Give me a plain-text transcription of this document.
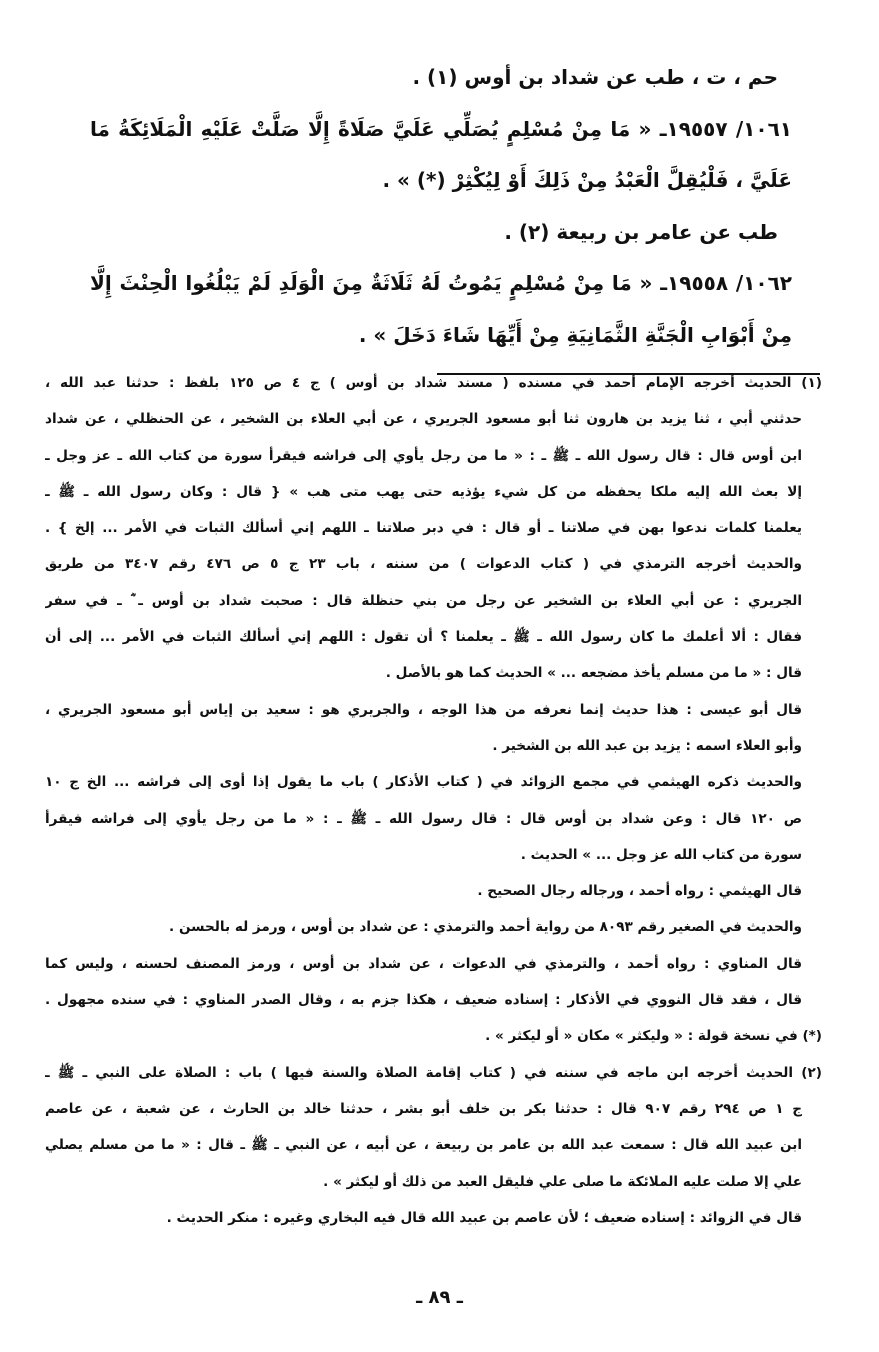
حم ، ت ، طب عن شداد بن أوس (١) .
١٠٦١/ ١٩٥٥٧ـ « مَا مِنْ مُسْلِمٍ يُصَلِّي عَلَيَّ صَلَاةً إِلَّا صَلَّتْ عَلَيْهِ الْمَلَائِكَةُ مَا
عَلَيَّ ، فَلْيُقِلَّ الْعَبْدُ مِنْ ذَلِكَ أَوْ لِيُكْثِرْ (*) » .
طب عن عامر بن ربيعة (٢) .
١٠٦٢/ ١٩٥٥٨ـ « مَا مِنْ مُسْلِمٍ يَمُوتُ لَهُ ثَلَاثَةٌ مِنَ الْوَلَدِ لَمْ يَبْلُغُوا الْحِنْثَ إِلَّا
مِنْ أَبْوَابِ الْجَنَّةِ الثَّمَانِيَةِ مِنْ أَيِّهَا شَاءَ دَخَلَ » .
(١) الحديث أخرجه الإمام أحمد في مسنده ( مسند شداد بن أوس ) ج ٤ ص ١٢٥ بلفظ : حدثنا عبد الله ،
حدثني أبي ، ثنا يزيد بن هارون ثنا أبو مسعود الجريري ، عن أبي العلاء بن الشخير ، عن الحنظلي ، عن شداد
ابن أوس قال : قال رسول الله ـ ﷺ ـ : « ما من رجل يأوي إلى فراشه فيقرأ سورة من كتاب الله ـ عز وجل ـ
إلا بعث الله إليه ملكا يحفظه من كل شيء يؤذيه حتى يهب متى هب » { قال : وكان رسول الله ـ ﷺ ـ
يعلمنا كلمات ندعوا بهن في صلاتنا ـ أو قال : في دبر صلاتنا ـ اللهم إني أسألك الثبات في الأمر ... إلخ } .
والحديث أخرجه الترمذي في ( كتاب الدعوات ) من سننه ، باب ٢٣ ج ٥ ص ٤٧٦ رقم ٣٤٠٧ من طريق
الجريري : عن أبي العلاء بن الشخير عن رجل من بني حنظلة قال : صحبت شداد بن أوس ـ ؓ ـ في سفر
فقال : ألا أعلمك ما كان رسول الله ـ ﷺ ـ يعلمنا ؟ أن تقول : اللهم إني أسألك الثبات في الأمر ... إلى أن
قال : « ما من مسلم يأخذ مضجعه ... » الحديث كما هو بالأصل .
قال أبو عيسى : هذا حديث إنما نعرفه من هذا الوجه ، والجريري هو : سعيد بن إياس أبو مسعود الجريري ،
وأبو العلاء اسمه : يزيد بن عبد الله بن الشخير .
والحديث ذكره الهيثمي في مجمع الزوائد في ( كتاب الأذكار ) باب ما يقول إذا أوى إلى فراشه ... الخ ج ١٠
ص ١٢٠ قال : وعن شداد بن أوس قال : قال رسول الله ـ ﷺ ـ : « ما من رجل يأوي إلى فراشه فيقرأ
سورة من كتاب الله عز وجل ... » الحديث .
قال الهيثمي : رواه أحمد ، ورجاله رجال الصحيح .
والحديث في الصغير رقم ٨٠٩٣ من رواية أحمد والترمذي : عن شداد بن أوس ، ورمز له بالحسن .
قال المناوي : رواه أحمد ، والترمذي في الدعوات ، عن شداد بن أوس ، ورمز المصنف لحسنه ، وليس كما
قال ، فقد قال النووي في الأذكار : إسناده ضعيف ، هكذا جزم به ، وقال الصدر المناوي : في سنده مجهول .
(*) في نسخة قولة : « وليكثر » مكان « أو ليكثر » .
(٢) الحديث أخرجه ابن ماجه في سننه في ( كتاب إقامة الصلاة والسنة فيها ) باب : الصلاة على النبي ـ ﷺ ـ
ج ١ ص ٢٩٤ رقم ٩٠٧ قال : حدثنا بكر بن خلف أبو بشر ، حدثنا خالد بن الحارث ، عن شعبة ، عن عاصم
ابن عبيد الله قال : سمعت عبد الله بن عامر بن ربيعة ، عن أبيه ، عن النبي ـ ﷺ ـ قال : « ما من مسلم يصلي
علي إلا صلت عليه الملائكة ما صلى علي فليقل العبد من ذلك أو ليكثر » .
قال في الزوائد : إسناده ضعيف ؛ لأن عاصم بن عبيد الله قال فيه البخاري وغيره : منكر الحديث .
ـ ٨٩ ـ
